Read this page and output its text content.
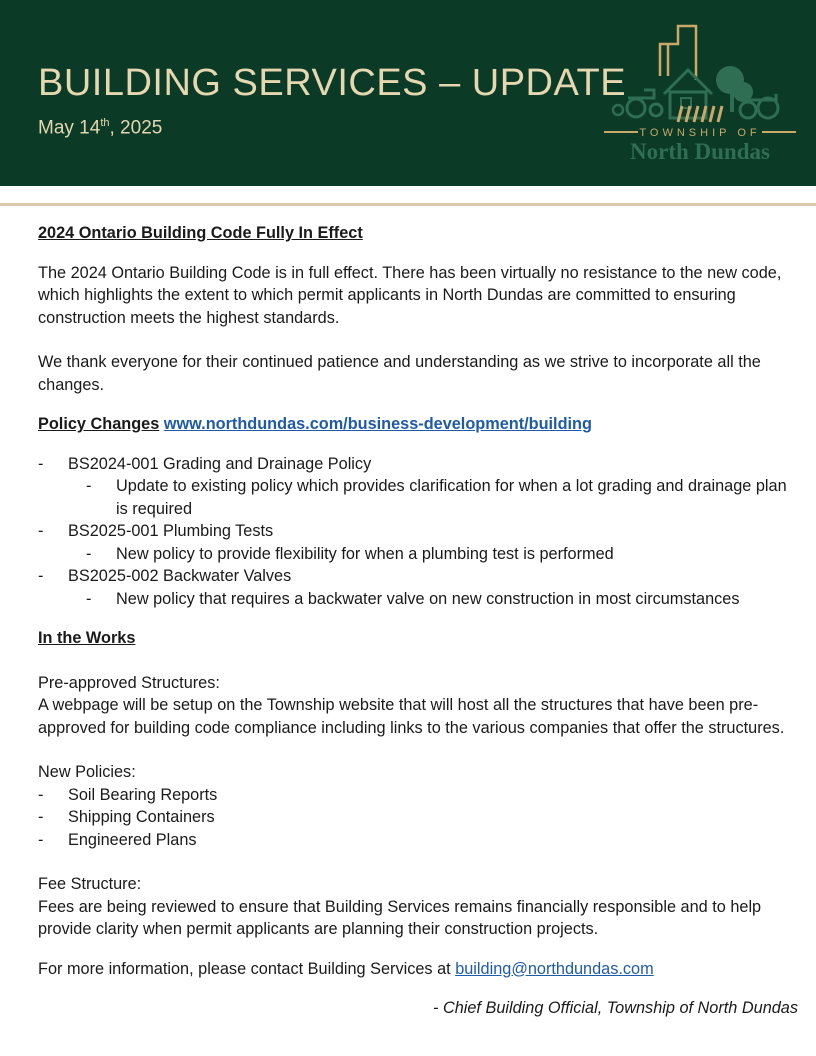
BUILDING SERVICES – UPDATE
May 14th, 2025	TOWNSHIP OF
North Dundas

2024 Ontario Building Code Fully In Effect

The 2024 Ontario Building Code is in full effect. There has been virtually no resistance to the new code, which highlights the extent to which permit applicants in North Dundas are committed to ensuring construction meets the highest standards.

We thank everyone for their continued patience and understanding as we strive to incorporate all the changes.

Policy Changes www.northdundas.com/business-development/building

- BS2024-001 Grading and Drainage Policy
- Update to existing policy which provides clarification for when a lot grading and drainage plan is required
- BS2025-001 Plumbing Tests
- New policy to provide flexibility for when a plumbing test is performed
- BS2025-002 Backwater Valves
- New policy that requires a backwater valve on new construction in most circumstances

In the Works

Pre-approved Structures:

A webpage will be setup on the Township website that will host all the structures that have been pre-approved for building code compliance including links to the various companies that offer the structures.

New Policies:

- Soil Bearing Reports
- Shipping Containers
- Engineered Plans

Fee Structure:

Fees are being reviewed to ensure that Building Services remains financially responsible and to help provide clarity when permit applicants are planning their construction projects.

For more information, please contact Building Services at building@northdundas.com

- Chief Building Official, Township of North Dundas
